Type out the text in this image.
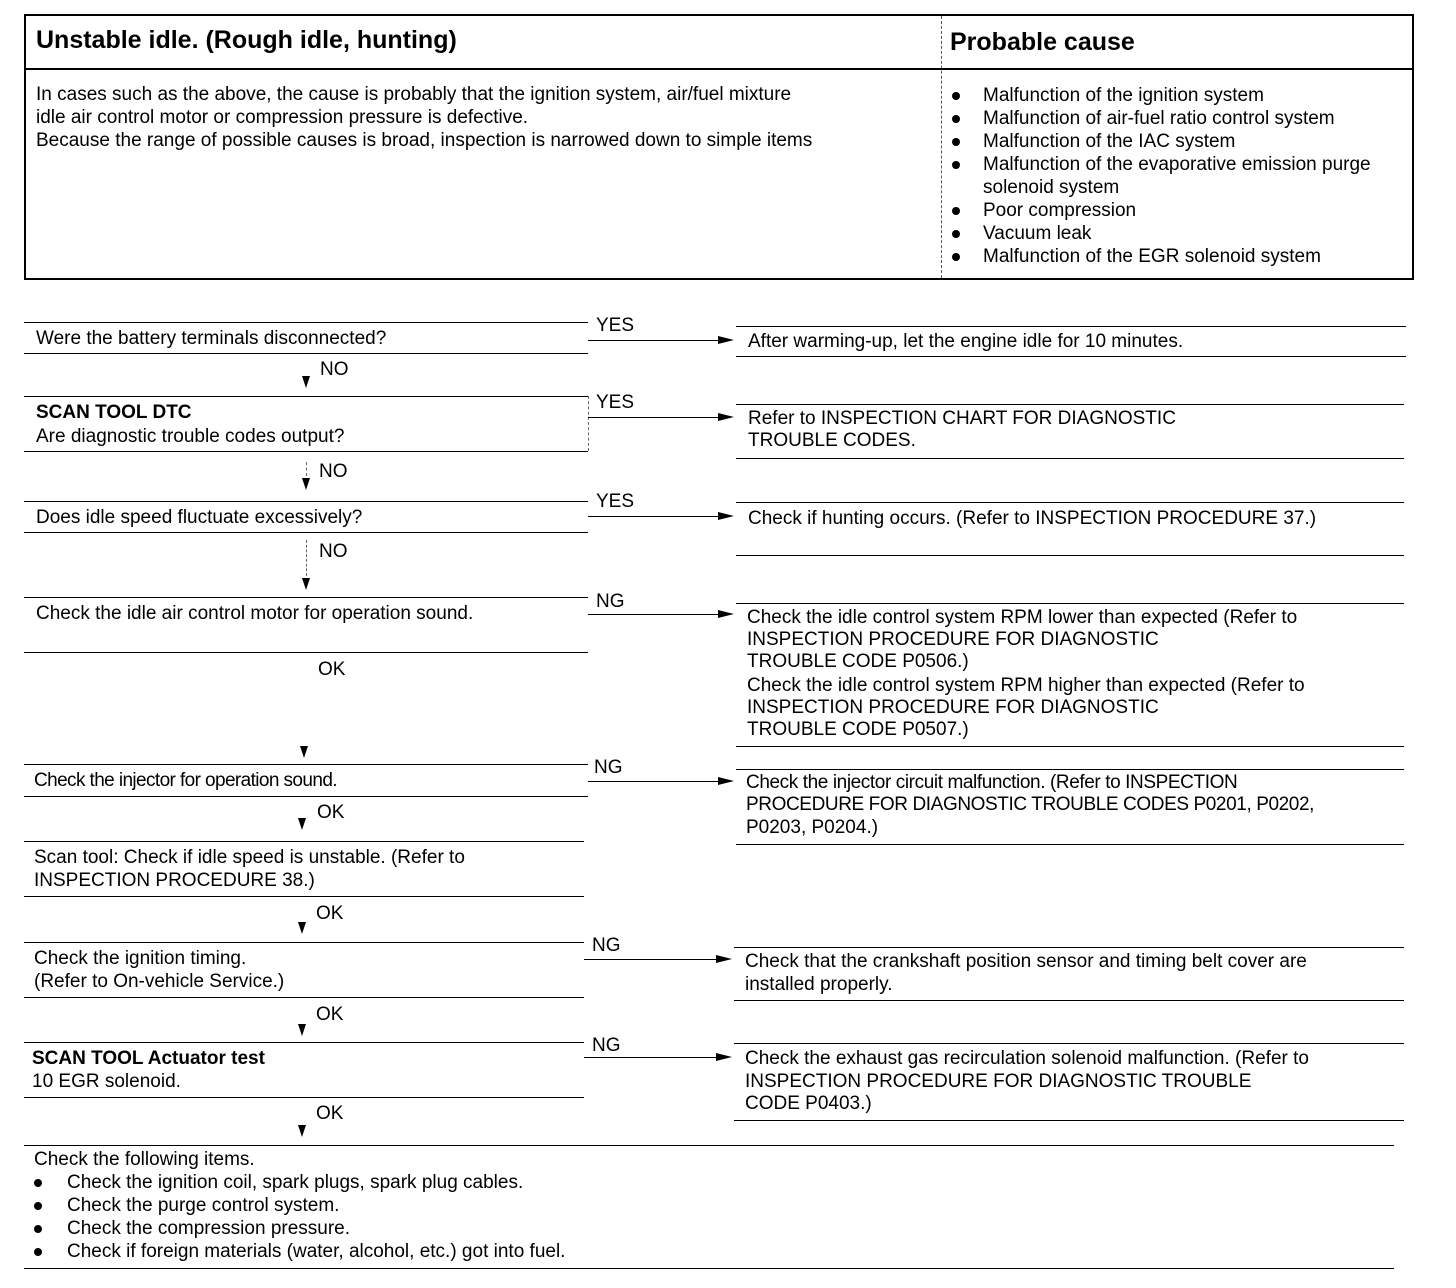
Unstable idle. (Rough idle, hunting)	Probable cause

In cases such as the above, the cause is probably that the ignition system, air/fuel mixture

idle air control motor or compression pressure is defective.

Because the range of possible causes is broad, inspection is narrowed down to simple items

Malfunction of the ignition system
Malfunction of air-fuel ratio control system
Malfunction of the IAC system
Malfunction of the evaporative emission purge
solenoid system
Poor compression
Vacuum leak
Malfunction of the EGR solenoid system
Were the battery terminals disconnected?
YES
After warming-up, let the engine idle for 10 minutes.
NO
SCAN TOOL DTC
Are diagnostic trouble codes output?
YES
Refer to INSPECTION CHART FOR DIAGNOSTIC
TROUBLE CODES.
NO
Does idle speed fluctuate excessively?
YES
Check if hunting occurs. (Refer to INSPECTION PROCEDURE 37.)
NO
Check the idle air control motor for operation sound.
NG
Check the idle control system RPM lower than expected (Refer to
INSPECTION PROCEDURE FOR DIAGNOSTIC
TROUBLE CODE P0506.)
Check the idle control system RPM higher than expected (Refer to
INSPECTION PROCEDURE FOR DIAGNOSTIC
TROUBLE CODE P0507.)
OK
Check the injector for operation sound.
NG
Check the injector circuit malfunction. (Refer to INSPECTION
PROCEDURE FOR DIAGNOSTIC TROUBLE CODES P0201, P0202,
P0203, P0204.)
OK
Scan tool: Check if idle speed is unstable. (Refer to
INSPECTION PROCEDURE 38.)
OK
Check the ignition timing.
(Refer to On-vehicle Service.)
NG
Check that the crankshaft position sensor and timing belt cover are
installed properly.
OK
SCAN TOOL Actuator test
10 EGR solenoid.
NG
Check the exhaust gas recirculation solenoid malfunction. (Refer to
INSPECTION PROCEDURE FOR DIAGNOSTIC TROUBLE
CODE P0403.)
OK
Check the following items.
Check the ignition coil, spark plugs, spark plug cables.
Check the purge control system.
Check the compression pressure.
Check if foreign materials (water, alcohol, etc.) got into fuel.
